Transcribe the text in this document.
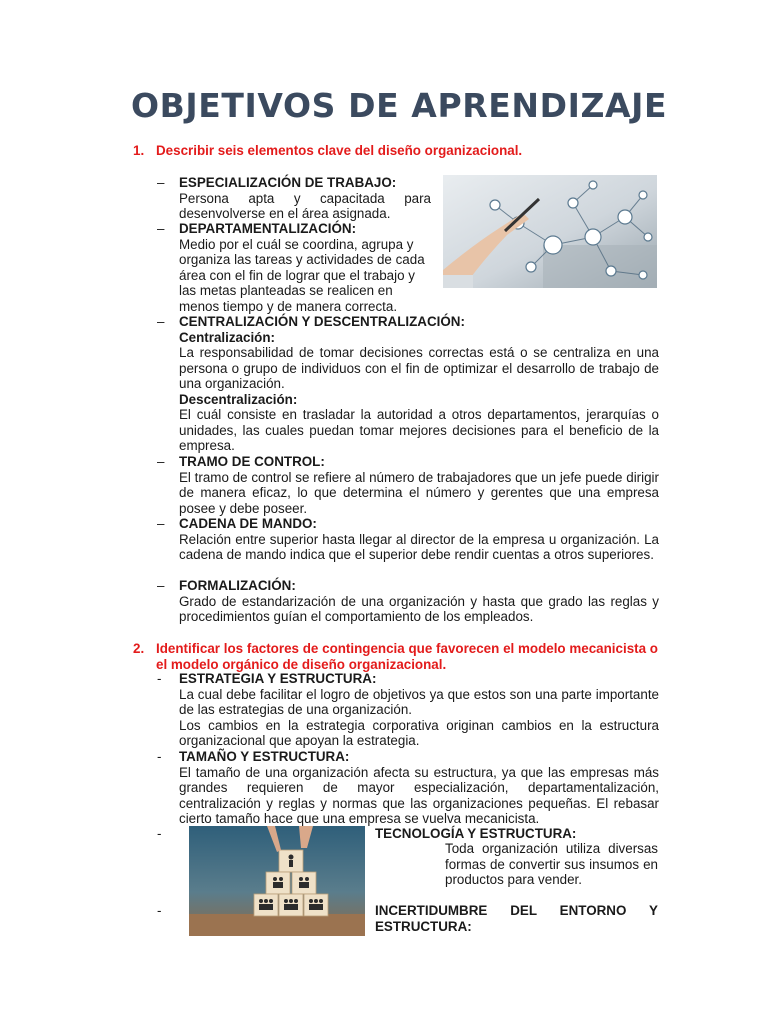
OBJETIVOS DE APRENDIZAJE
1. Describir seis elementos clave del diseño organizacional.
– ESPECIALIZACIÓN DE TRABAJO:
Persona apta y capacitada para desenvolverse en el área asignada.
– DEPARTAMENTALIZACIÓN:
Medio por el cuál se coordina, agrupa y organiza las tareas y actividades de cada área con el fin de lograr que el trabajo y las metas planteadas se realicen en menos tiempo y de manera correcta.
– CENTRALIZACIÓN Y DESCENTRALIZACIÓN:
Centralización:
La responsabilidad de tomar decisiones correctas está o se centraliza en una persona o grupo de individuos con el fin de optimizar el desarrollo de trabajo de una organización.
Descentralización:
El cuál consiste en trasladar la autoridad a otros departamentos, jerarquías o unidades, las cuales puedan tomar mejores decisiones para el beneficio de la empresa.
– TRAMO DE CONTROL:
El tramo de control se refiere al número de trabajadores que un jefe puede dirigir de manera eficaz, lo que determina el número y gerentes que una empresa posee y debe poseer.
– CADENA DE MANDO:
Relación entre superior hasta llegar al director de la empresa u organización. La cadena de mando indica que el superior debe rendir cuentas a otros superiores.
– FORMALIZACIÓN:
Grado de estandarización de una organización y hasta que grado las reglas y procedimientos guían el comportamiento de los empleados.
2. Identificar los factores de contingencia que favorecen el modelo mecanicista o el modelo orgánico de diseño organizacional.
- ESTRATEGIA Y ESTRUCTURA:
La cual debe facilitar el logro de objetivos ya que estos son una parte importante de las estrategias de una organización.
Los cambios en la estrategia corporativa originan cambios en la estructura organizacional que apoyan la estrategia.
- TAMAÑO Y ESTRUCTURA:
El tamaño de una organización afecta su estructura, ya que las empresas más grandes requieren de mayor especialización, departamentalización, centralización y reglas y normas que las organizaciones pequeñas. El rebasar cierto tamaño hace que una empresa se vuelva mecanicista.
-	TECNOLOGÍA Y ESTRUCTURA:
Toda organización utiliza diversas formas de convertir sus insumos en productos para vender.
-	INCERTIDUMBRE DEL ENTORNO Y ESTRUCTURA:
